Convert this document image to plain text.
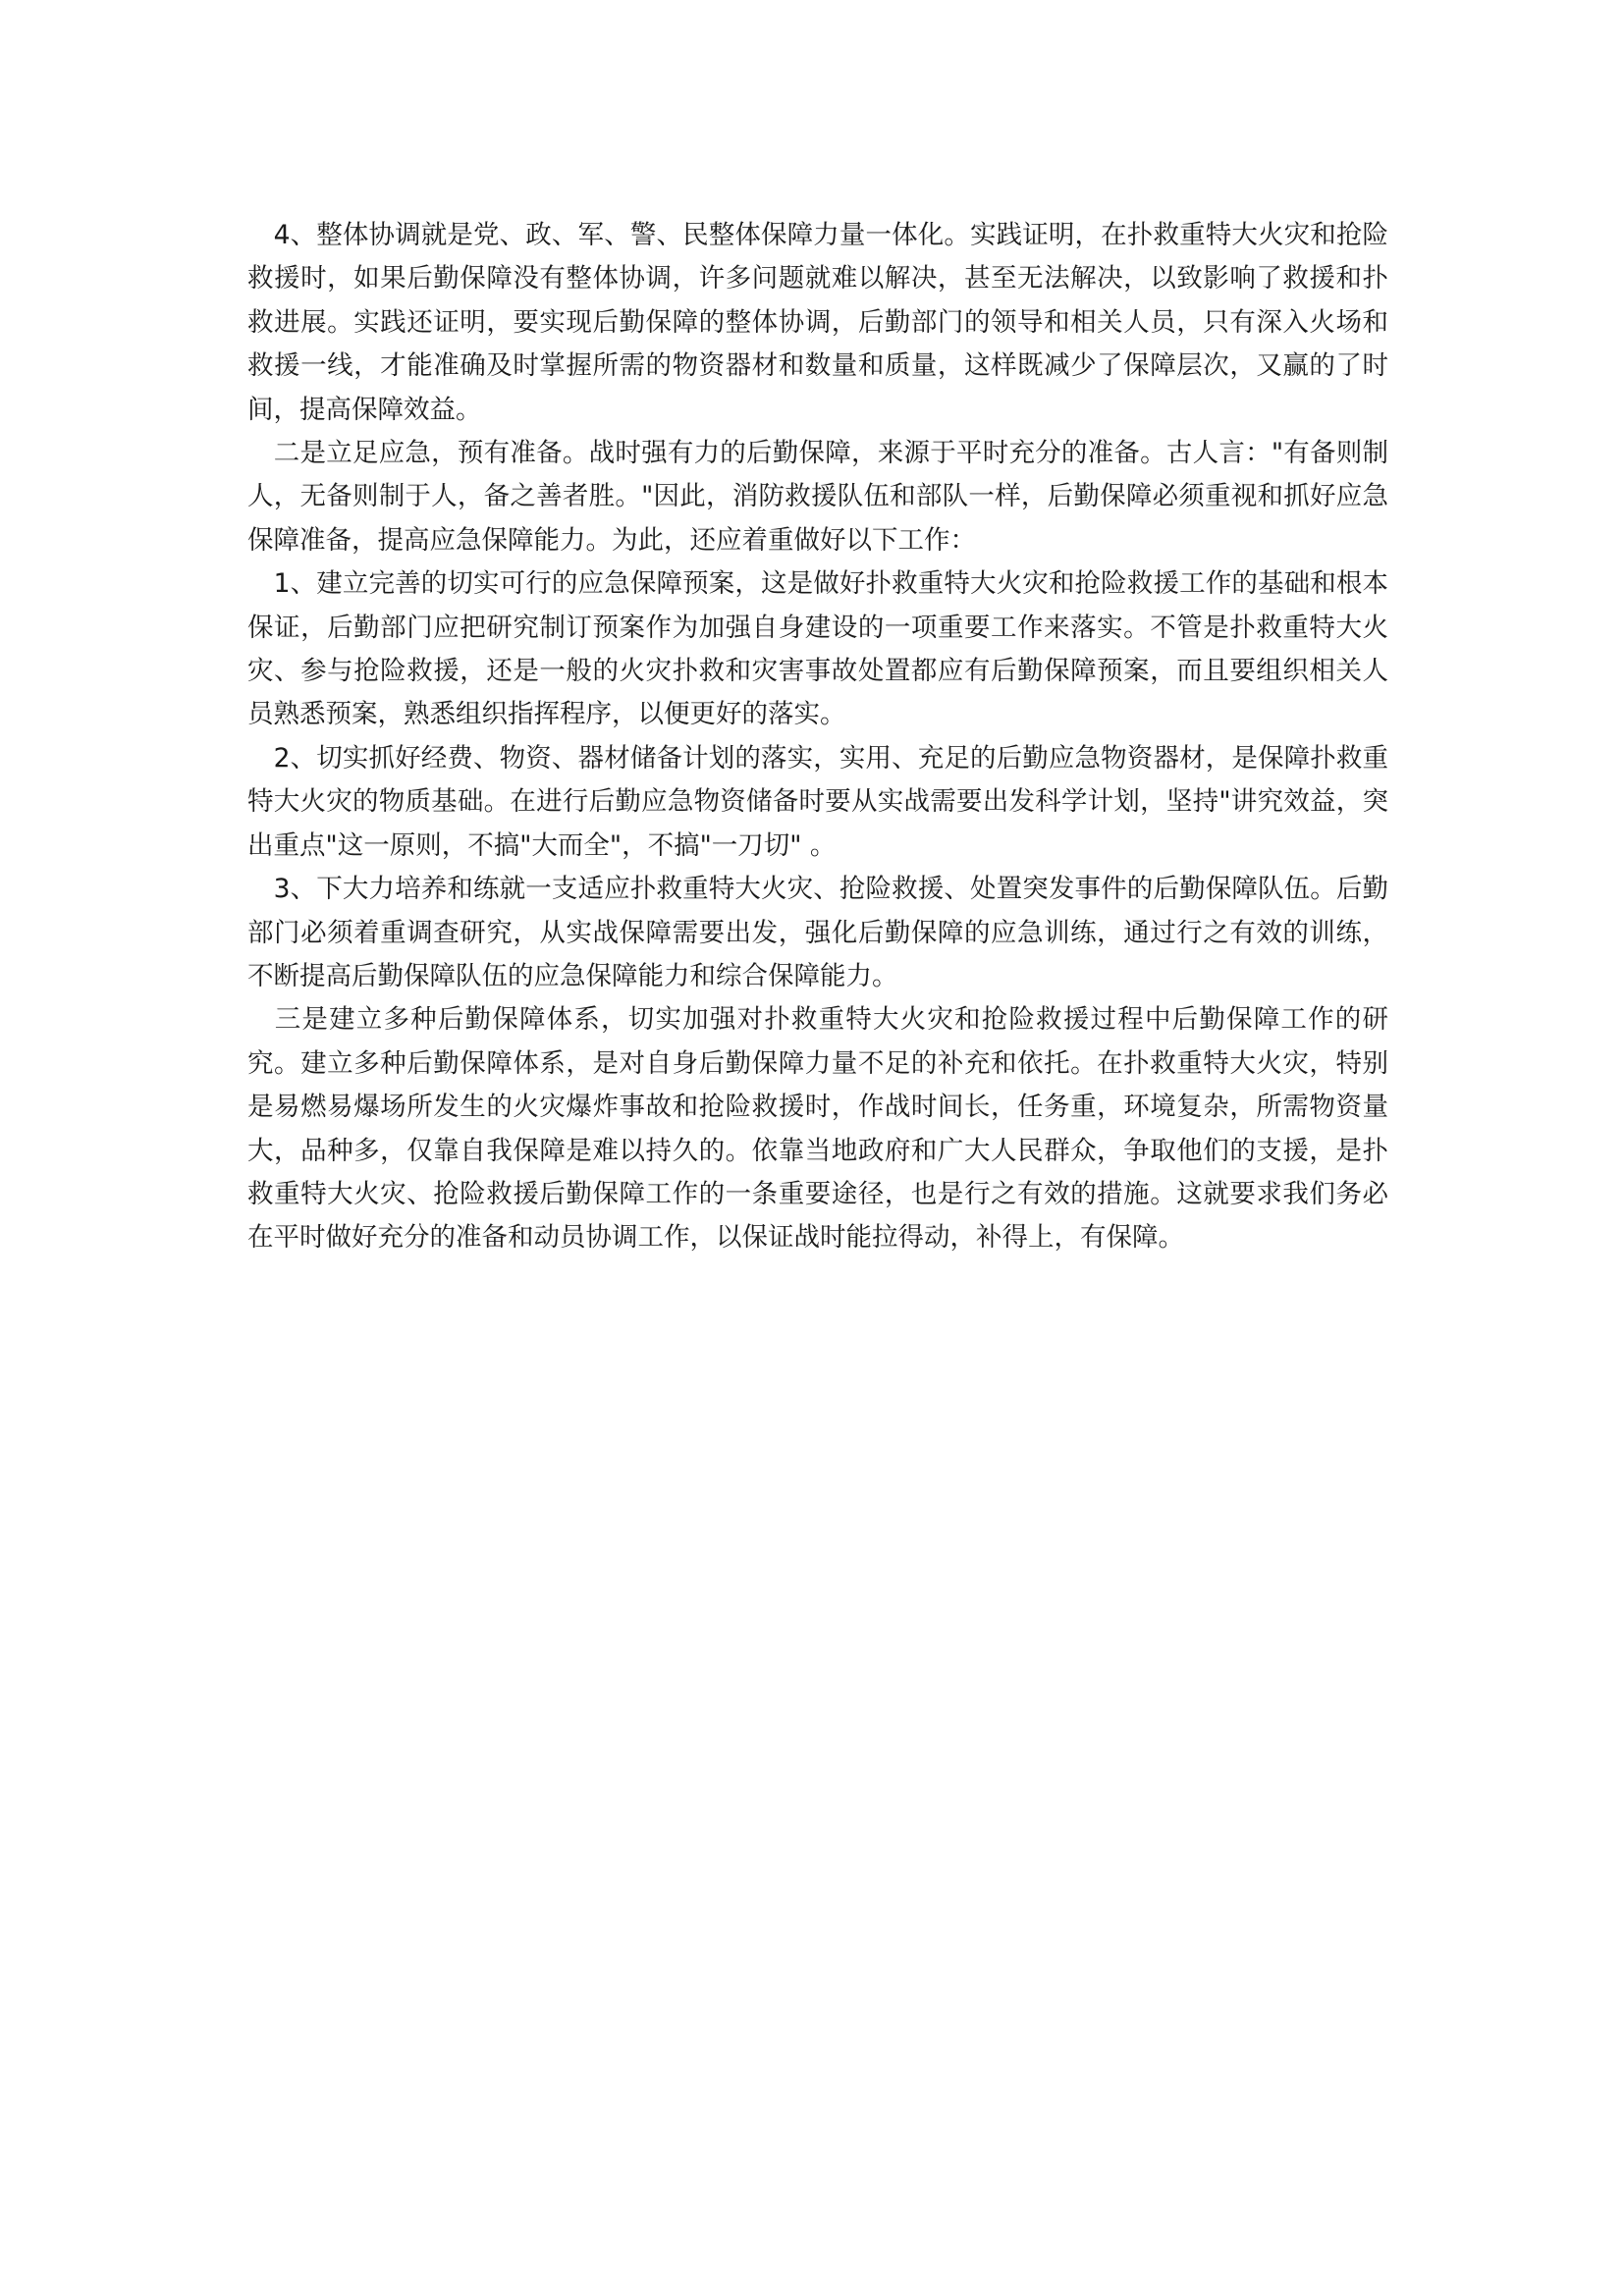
　4、整体协调就是党、政、军、警、民整体保障力量一体化。实践证明，在扑救重特大火灾和抢险救援时，如果后勤保障没有整体协调，许多问题就难以解决，甚至无法解决，以致影响了救援和扑救进展。实践还证明，要实现后勤保障的整体协调，后勤部门的领导和相关人员，只有深入火场和救援一线，才能准确及时掌握所需的物资器材和数量和质量，这样既减少了保障层次，又赢的了时间，提高保障效益。

　二是立足应急，预有准备。战时强有力的后勤保障，来源于平时充分的准备。古人言："有备则制人，无备则制于人，备之善者胜。"因此，消防救援队伍和部队一样，后勤保障必须重视和抓好应急保障准备，提高应急保障能力。为此，还应着重做好以下工作：

　1、建立完善的切实可行的应急保障预案，这是做好扑救重特大火灾和抢险救援工作的基础和根本保证，后勤部门应把研究制订预案作为加强自身建设的一项重要工作来落实。不管是扑救重特大火灾、参与抢险救援，还是一般的火灾扑救和灾害事故处置都应有后勤保障预案，而且要组织相关人员熟悉预案，熟悉组织指挥程序，以便更好的落实。

　2、切实抓好经费、物资、器材储备计划的落实，实用、充足的后勤应急物资器材，是保障扑救重特大火灾的物质基础。在进行后勤应急物资储备时要从实战需要出发科学计划，坚持"讲究效益，突出重点"这一原则，不搞"大而全"，不搞"一刀切" 。

　3、下大力培养和练就一支适应扑救重特大火灾、抢险救援、处置突发事件的后勤保障队伍。后勤部门必须着重调查研究，从实战保障需要出发，强化后勤保障的应急训练，通过行之有效的训练，不断提高后勤保障队伍的应急保障能力和综合保障能力。

　三是建立多种后勤保障体系，切实加强对扑救重特大火灾和抢险救援过程中后勤保障工作的研究。建立多种后勤保障体系，是对自身后勤保障力量不足的补充和依托。在扑救重特大火灾，特别是易燃易爆场所发生的火灾爆炸事故和抢险救援时，作战时间长，任务重，环境复杂，所需物资量大，品种多，仅靠自我保障是难以持久的。依靠当地政府和广大人民群众，争取他们的支援，是扑救重特大火灾、抢险救援后勤保障工作的一条重要途径，也是行之有效的措施。这就要求我们务必在平时做好充分的准备和动员协调工作，以保证战时能拉得动，补得上，有保障。
